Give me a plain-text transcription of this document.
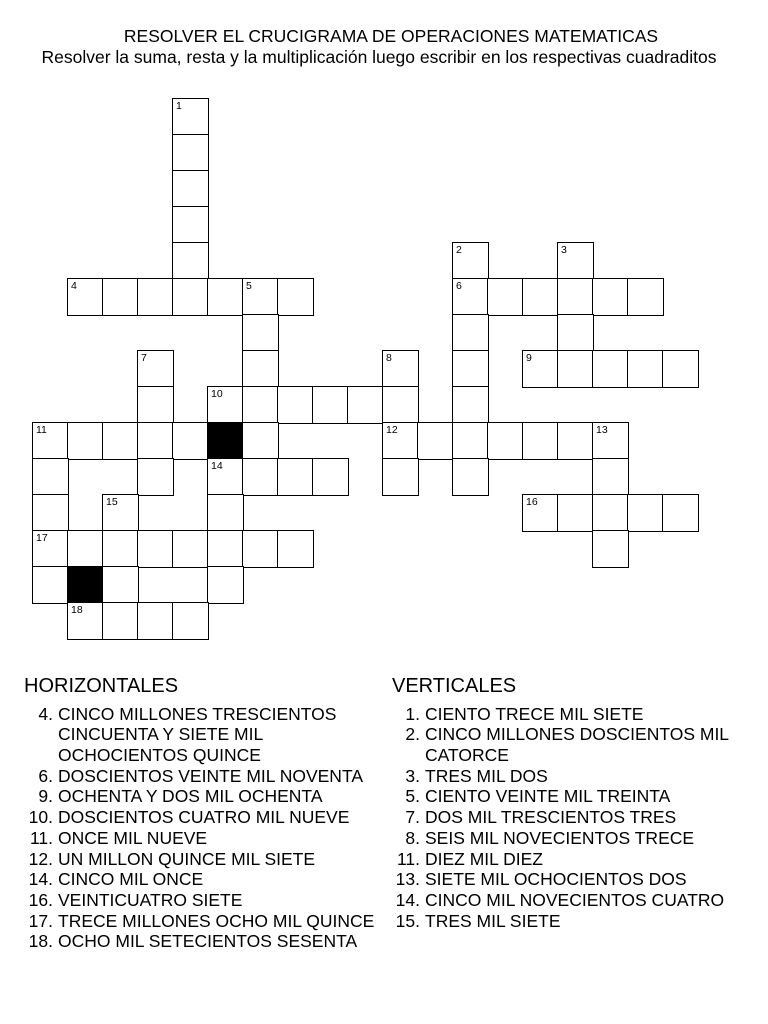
RESOLVER EL CRUCIGRAMA DE OPERACIONES MATEMATICAS
Resolver la suma, resta y la multiplicación luego escribir en los respectivas cuadraditos
1
2	3
4	5	6
7	8	9
10
11	12	13
14
15	16
17
18
HORIZONTALES
4. CINCO MILLONES TRESCIENTOS CINCUENTA Y SIETE MIL OCHOCIENTOS QUINCE
6. DOSCIENTOS VEINTE MIL NOVENTA
9. OCHENTA Y DOS MIL OCHENTA
10. DOSCIENTOS CUATRO MIL NUEVE
11. ONCE MIL NUEVE
12. UN MILLON QUINCE MIL SIETE
14. CINCO MIL ONCE
16. VEINTICUATRO SIETE
17. TRECE MILLONES OCHO MIL QUINCE
18. OCHO MIL SETECIENTOS SESENTA
VERTICALES
1. CIENTO TRECE MIL SIETE
2. CINCO MILLONES DOSCIENTOS MIL CATORCE
3. TRES MIL DOS
5. CIENTO VEINTE MIL TREINTA
7. DOS MIL TRESCIENTOS TRES
8. SEIS MIL NOVECIENTOS TRECE
11. DIEZ MIL DIEZ
13. SIETE MIL OCHOCIENTOS DOS
14. CINCO MIL NOVECIENTOS CUATRO
15. TRES MIL SIETE
